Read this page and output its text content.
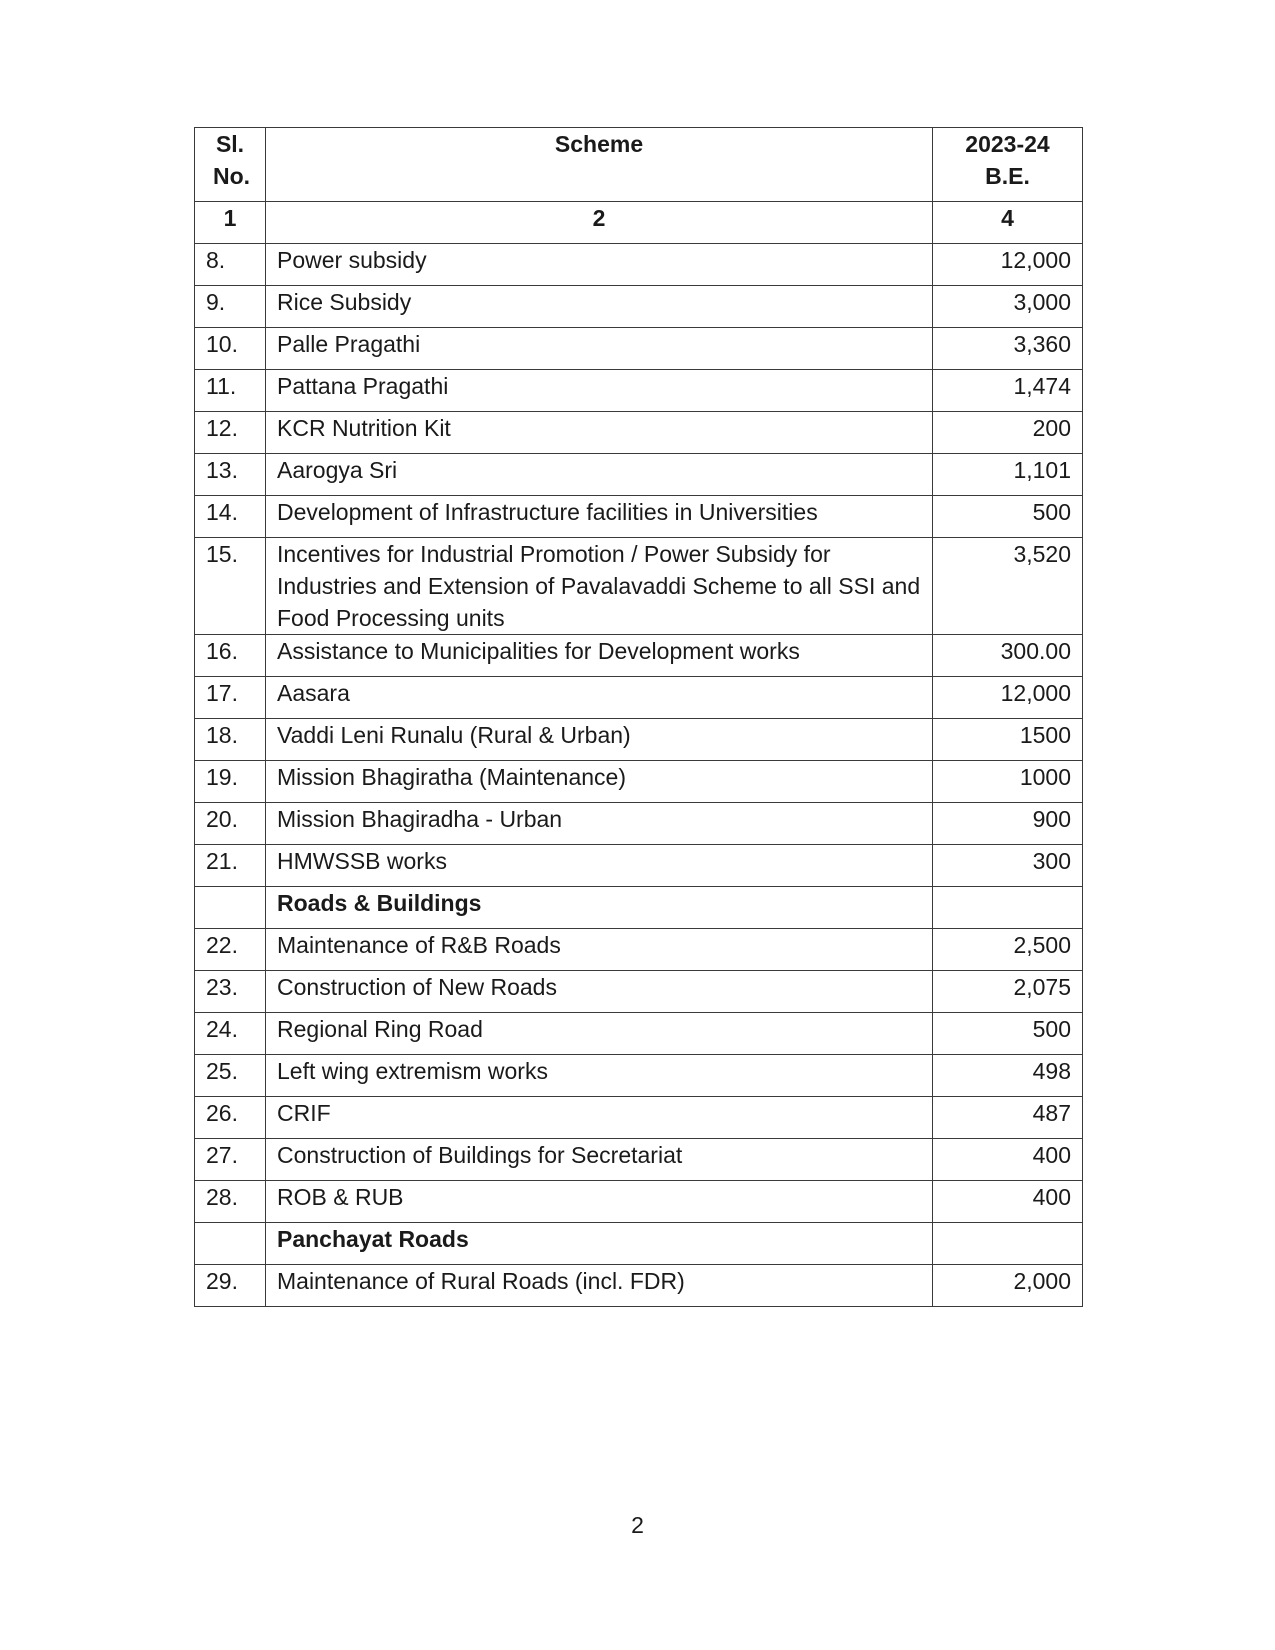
Sl. No.	Scheme	2023-24 B.E.
1	2	4
8.	Power subsidy	12,000
9.	Rice Subsidy	3,000
10.	Palle Pragathi	3,360
11.	Pattana Pragathi	1,474
12.	KCR Nutrition Kit	200
13.	Aarogya Sri	1,101
14.	Development of Infrastructure facilities in Universities	500
15.	Incentives for Industrial Promotion / Power Subsidy for Industries and Extension of Pavalavaddi Scheme to all SSI and Food Processing units	3,520
16.	Assistance to Municipalities for Development works	300.00
17.	Aasara	12,000
18.	Vaddi Leni Runalu (Rural & Urban)	1500
19.	Mission Bhagiratha (Maintenance)	1000
20.	Mission Bhagiradha - Urban	900
21.	HMWSSB works	300
	Roads & Buildings	
22.	Maintenance of R&B Roads	2,500
23.	Construction of New Roads	2,075
24.	Regional Ring Road	500
25.	Left wing extremism works	498
26.	CRIF	487
27.	Construction of Buildings for Secretariat	400
28.	ROB & RUB	400
	Panchayat Roads	
29.	Maintenance of Rural Roads (incl. FDR)	2,000
2
